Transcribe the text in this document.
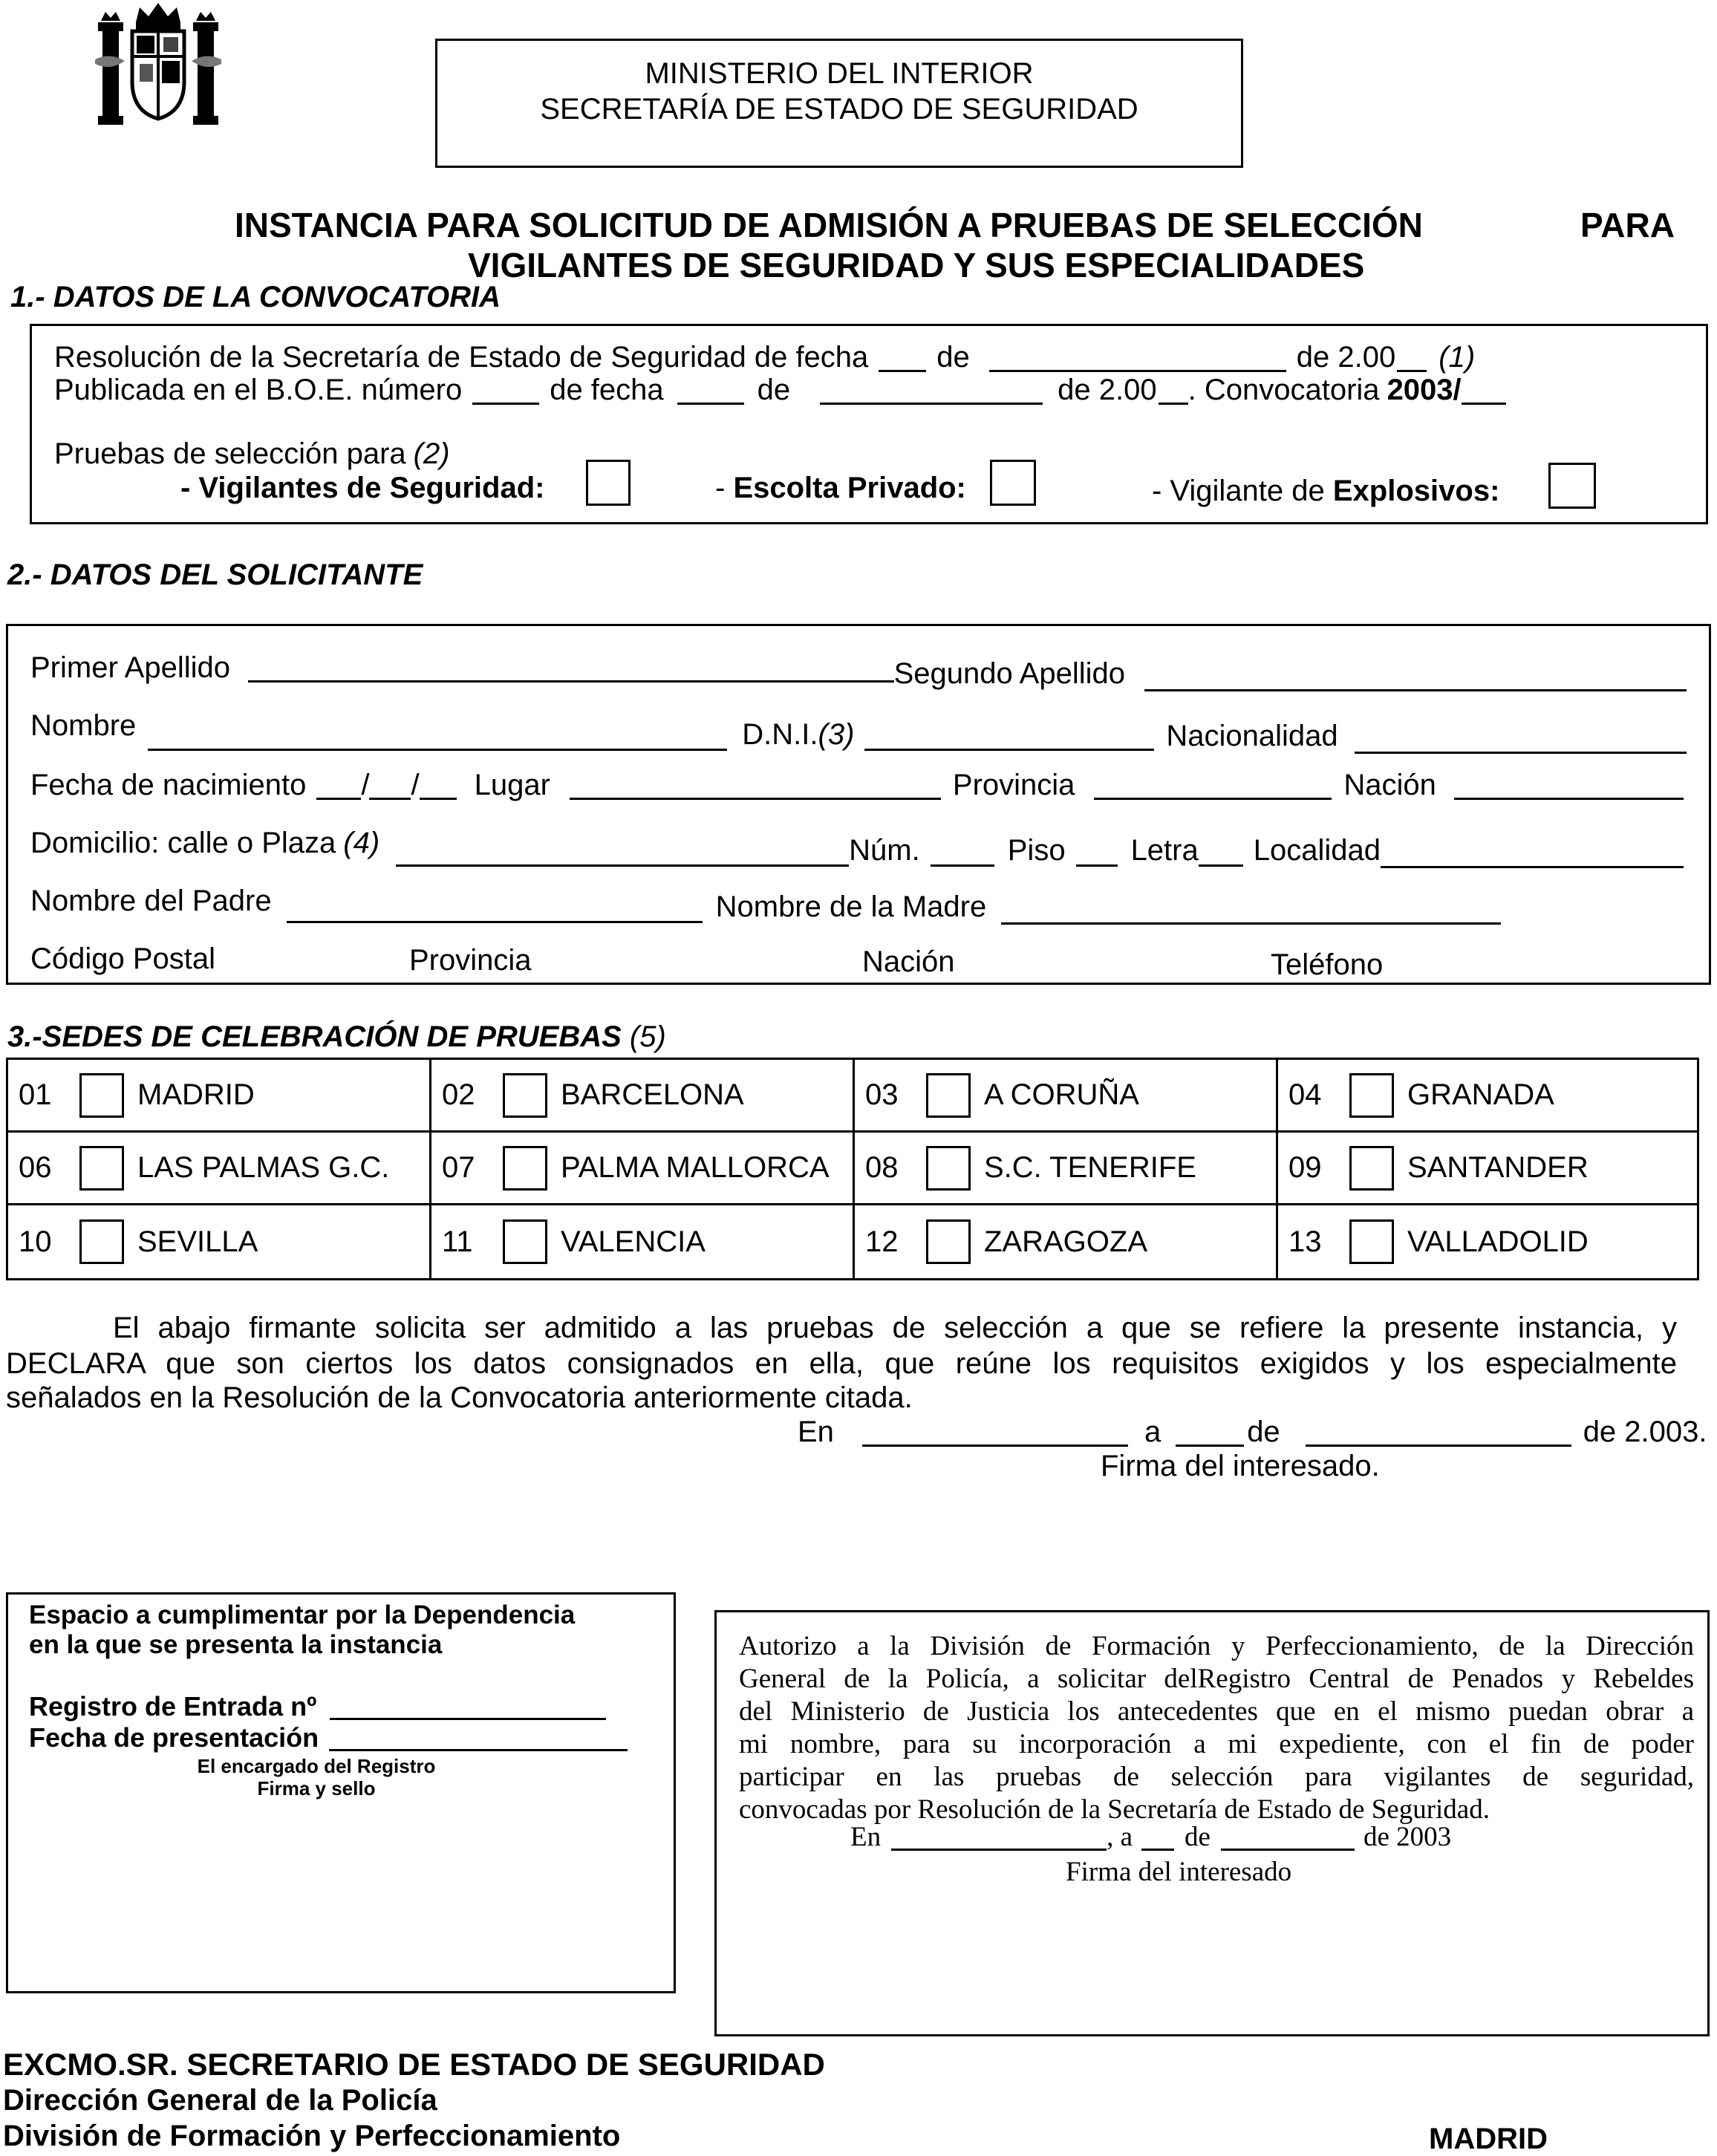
MINISTERIO DEL INTERIOR
SECRETARÍA DE ESTADO DE SEGURIDAD
INSTANCIA PARA SOLICITUD DE ADMISIÓN A PRUEBAS DE SELECCIÓN	PARA
VIGILANTES DE SEGURIDAD Y SUS ESPECIALIDADES
1.- DATOS DE LA CONVOCATORIA
Resolución de la Secretaría de Estado de Seguridad de fecha de	de 2.00 (1)
Publicada en el B.O.E. número	de fecha	de	de 2.00 . Convocatoria 2003/
Pruebas de selección para (2)
- Vigilantes de Seguridad:	- Escolta Privado:	- Vigilante de Explosivos:
2.- DATOS DEL SOLICITANTE
Primer Apellido	Segundo Apellido
Nombre	D.N.I.(3)	Nacionalidad
Fecha de nacimiento / / Lugar	Provincia	Nación
Domicilio: calle o Plaza (4)	Núm.	Piso Letra Localidad
Nombre del Padre	Nombre de la Madre
Código Postal	Provincia	Nación	Teléfono
3.-SEDES DE CELEBRACIÓN DE PRUEBAS (5)
01	MADRID	02	BARCELONA	03	A CORUÑA	04	GRANADA
06	LAS PALMAS G.C. 07	PALMA MALLORCA 08	S.C. TENERIFE	09	SANTANDER
10	SEVILLA	11	VALENCIA	12	ZARAGOZA	13	VALLADOLID
El abajo firmante solicita ser admitido a las pruebas de selección a que se refiere la presente instancia, y
DECLARA que son ciertos los datos consignados en ella, que reúne los requisitos exigidos y los especialmente
señalados en la Resolución de la Convocatoria anteriormente citada.
En	a	de	de 2.003.
Firma del interesado.
Espacio a cumplimentar por la Dependencia
en la que se presenta la instancia
Registro de Entrada nº
Fecha de presentación
El encargado del Registro
Firma y sello
Autorizo a la División de Formación y Perfeccionamiento, de la Dirección
General de la Policía, a solicitar delRegistro Central de Penados y Rebeldes
del Ministerio de Justicia los antecedentes que en el mismo puedan obrar a
mi nombre, para su incorporación a mi expediente, con el fin de poder
participar en las pruebas de selección para vigilantes de seguridad,
convocadas por Resolución de la Secretaría de Estado de Seguridad.
En	, a de	de 2003
Firma del interesado
EXCMO.SR. SECRETARIO DE ESTADO DE SEGURIDAD
Dirección General de la Policía
División de Formación y Perfeccionamiento	MADRID
